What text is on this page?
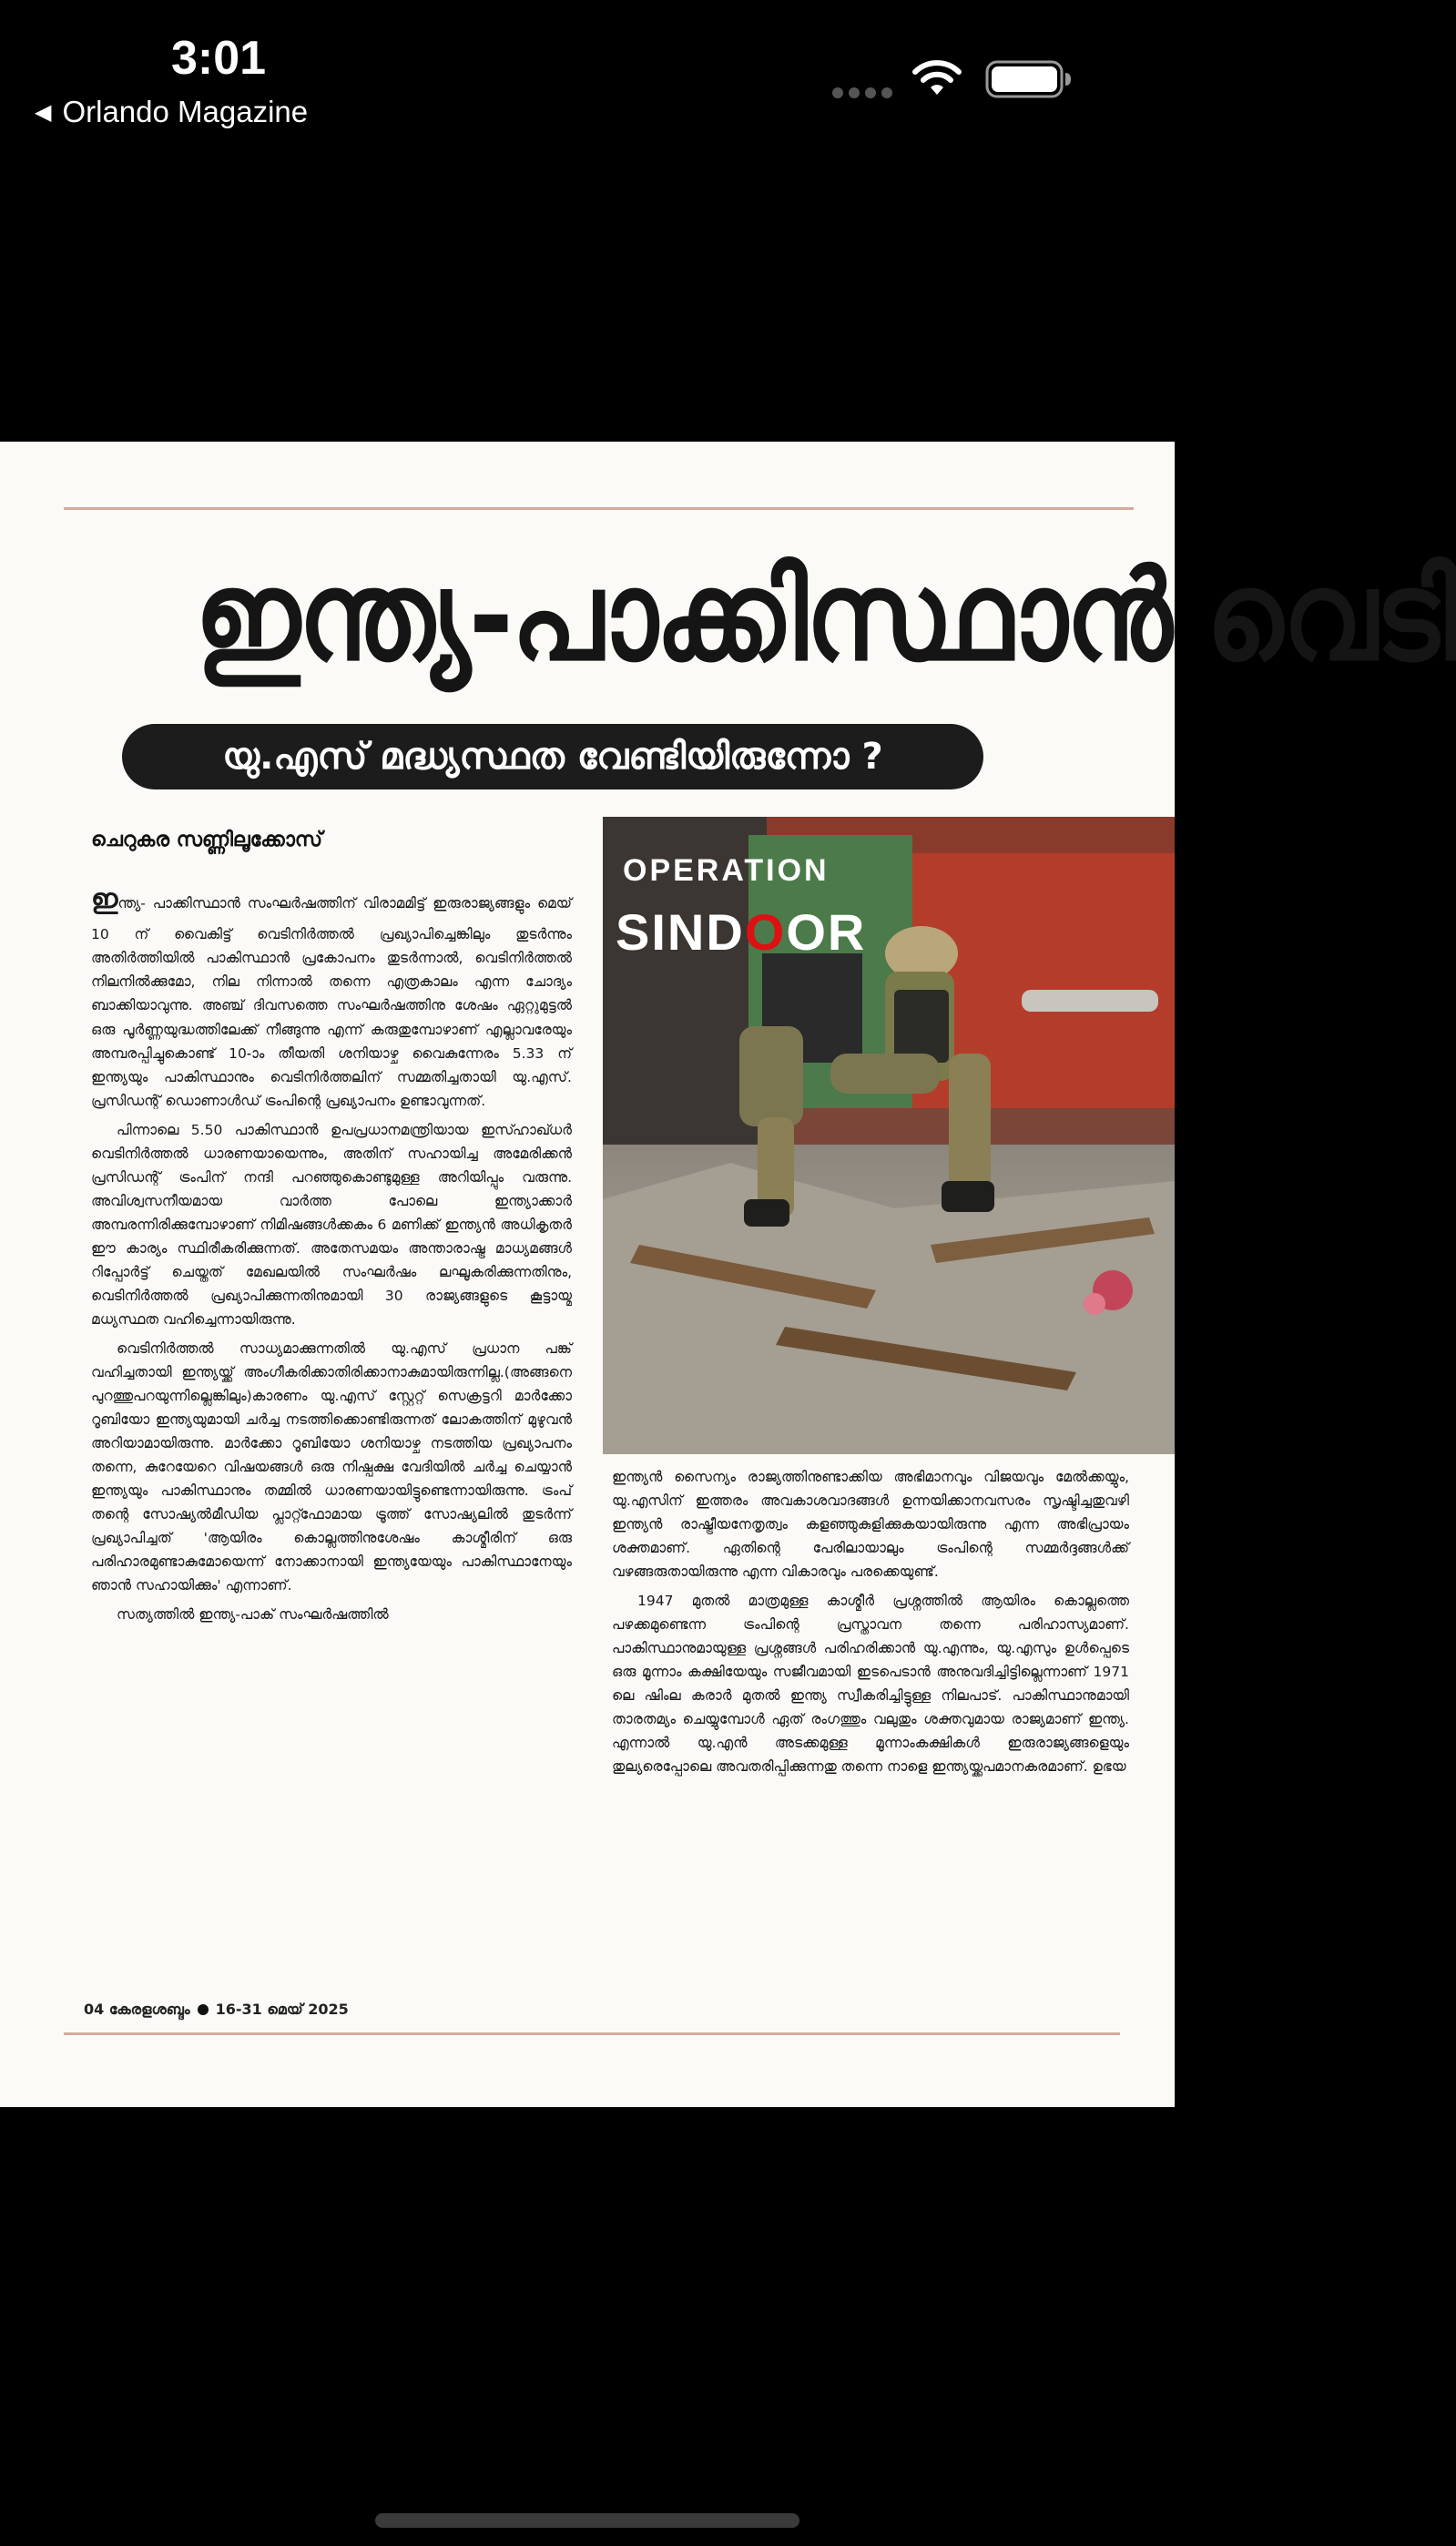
3:01
◀ Orlando Magazine
ഇന്ത്യ-പാക്കിസ്ഥാൻ വെടി
യു.എസ് മദ്ധ്യസ്ഥത വേണ്ടിയിരുന്നോ ?
ചെറുകര സണ്ണിലൂക്കോസ്

ഇന്ത്യ- പാക്കിസ്ഥാൻ സംഘർഷത്തിന് വിരാമമിട്ട് ഇരുരാജ്യങ്ങളും മെയ് 10 ന് വൈകിട്ട് വെടിനിർത്തൽ പ്രഖ്യാപിച്ചെങ്കിലും തുടർന്നും അതിർത്തിയിൽ പാകിസ്ഥാൻ പ്രകോപനം തുടർന്നാൽ, വെടിനിർത്തൽ നിലനിൽക്കുമോ, നില നിന്നാൽ തന്നെ എത്രകാലം എന്ന ചോദ്യം ബാക്കിയാവുന്നു. അഞ്ച് ദിവസത്തെ സംഘർഷത്തിനു ശേഷം ഏറ്റുമുട്ടൽ ഒരു പൂർണ്ണയുദ്ധത്തിലേക്ക് നീങ്ങുന്നു എന്ന് കരുതുമ്പോഴാണ് എല്ലാവരേയും അമ്പരപ്പിച്ചുകൊണ്ട് 10-ാം തീയതി ശനിയാഴ്ച വൈകുന്നേരം 5.33 ന് ഇന്ത്യയും പാകിസ്ഥാനും വെടിനിർത്തലിന് സമ്മതിച്ചതായി യു.എസ്. പ്രസിഡന്റ് ഡൊണാൾഡ് ട്രംപിന്റെ പ്രഖ്യാപനം ഉണ്ടാവുന്നത്.

പിന്നാലെ 5.50 പാകിസ്ഥാൻ ഉപപ്രധാനമന്ത്രിയായ ഇസ്ഹാഖ്ധർ വെടിനിർത്തൽ ധാരണയായെന്നും, അതിന് സഹായിച്ച അമേരിക്കൻ പ്രസിഡന്റ് ട്രംപിന് നന്ദി പറഞ്ഞുകൊണ്ടുമുള്ള അറിയിപ്പും വരുന്നു. അവിശ്വസനീയമായ വാർത്ത പോലെ ഇന്ത്യാക്കാർ അമ്പരന്നിരിക്കുമ്പോഴാണ് നിമിഷങ്ങൾക്കകം 6 മണിക്ക് ഇന്ത്യൻ അധികൃതർ ഈ കാര്യം സ്ഥിരീകരിക്കുന്നത്. അതേസമയം അന്താരാഷ്ട്ര മാധ്യമങ്ങൾ റിപ്പോർട്ട് ചെയ്തത് മേഖലയിൽ സംഘർഷം ലഘൂകരിക്കുന്നതിനും, വെടിനിർത്തൽ പ്രഖ്യാപിക്കുന്നതിനുമായി 30 രാജ്യങ്ങളുടെ കൂട്ടായ്മ മധ്യസ്ഥത വഹിച്ചെന്നായിരുന്നു.

വെടിനിർത്തൽ സാധ്യമാക്കുന്നതിൽ യു.എസ് പ്രധാന പങ്ക് വഹിച്ചതായി ഇന്ത്യയ്ക്ക് അംഗീകരിക്കാതിരിക്കാനാകുമായിരുന്നില്ല.(അങ്ങനെ പുറത്തുപറയുന്നില്ലെങ്കിലും)കാരണം യു.എസ് സ്റ്റേറ്റ് സെക്രട്ടറി മാർക്കോ റൂബിയോ ഇന്ത്യയുമായി ചർച്ച നടത്തിക്കൊണ്ടിരുന്നത് ലോകത്തിന് മുഴുവൻ അറിയാമായിരുന്നു. മാർക്കോ റൂബിയോ ശനിയാഴ്ച നടത്തിയ പ്രഖ്യാപനം തന്നെ, കുറേയേറെ വിഷയങ്ങൾ ഒരു നിഷ്പക്ഷ വേദിയിൽ ചർച്ച ചെയ്യാൻ ഇന്ത്യയും പാകിസ്ഥാനും തമ്മിൽ ധാരണയായിട്ടുണ്ടെന്നായിരുന്നു. ട്രംപ് തന്റെ സോഷ്യൽമീഡിയ പ്ലാറ്റ്ഫോമായ ട്രൂത്ത് സോഷ്യലിൽ തുടർന്ന് പ്രഖ്യാപിച്ചത് 'ആയിരം കൊല്ലത്തിനുശേഷം കാശ്മീരിന് ഒരു പരിഹാരമുണ്ടാകുമോയെന്ന് നോക്കാനായി ഇന്ത്യയേയും പാകിസ്ഥാനേയും ഞാൻ സഹായിക്കും' എന്നാണ്.

സത്യത്തിൽ ഇന്ത്യ-പാക് സംഘർഷത്തിൽ

OPERATION
SINDOOR

ഇന്ത്യൻ സൈന്യം രാജ്യത്തിനുണ്ടാക്കിയ അഭിമാനവും വിജയവും മേൽക്കയ്യും, യു.എസിന് ഇത്തരം അവകാശവാദങ്ങൾ ഉന്നയിക്കാനവസരം സൃഷ്ടിച്ചതുവഴി ഇന്ത്യൻ രാഷ്ട്രീയനേതൃത്വം കളഞ്ഞുകുളിക്കുകയായിരുന്നു എന്ന അഭിപ്രായം ശക്തമാണ്. ഏതിന്റെ പേരിലായാലും ട്രംപിന്റെ സമ്മർദ്ദങ്ങൾക്ക് വഴങ്ങരുതായിരുന്നു എന്ന വികാരവും പരക്കെയുണ്ട്.

1947 മുതൽ മാത്രമുള്ള കാശ്മീർ പ്രശ്നത്തിൽ ആയിരം കൊല്ലത്തെ പഴക്കമുണ്ടെന്ന ട്രംപിന്റെ പ്രസ്താവന തന്നെ പരിഹാസ്യമാണ്. പാകിസ്ഥാനുമായുള്ള പ്രശ്നങ്ങൾ പരിഹരിക്കാൻ യു.എന്നും, യു.എസും ഉൾപ്പെടെ ഒരു മൂന്നാം കക്ഷിയേയും സജീവമായി ഇടപെടാൻ അനുവദിച്ചിട്ടില്ലെന്നാണ് 1971 ലെ ഷിംല കരാർ മുതൽ ഇന്ത്യ സ്വീകരിച്ചിട്ടുള്ള നിലപാട്. പാകിസ്ഥാനുമായി താരതമ്യം ചെയ്യുമ്പോൾ ഏത് രംഗത്തും വലുതും ശക്തവുമായ രാജ്യമാണ് ഇന്ത്യ. എന്നാൽ യു.എൻ അടക്കമുള്ള മൂന്നാംകക്ഷികൾ ഇരുരാജ്യങ്ങളെയും തുല്യരെപ്പോലെ അവതരിപ്പിക്കുന്നതു തന്നെ നാളെ ഇന്ത്യയ്ക്കപമാനകരമാണ്. ഉഭയ

04 കേരളശബ്ദം 16-31 മെയ് 2025
